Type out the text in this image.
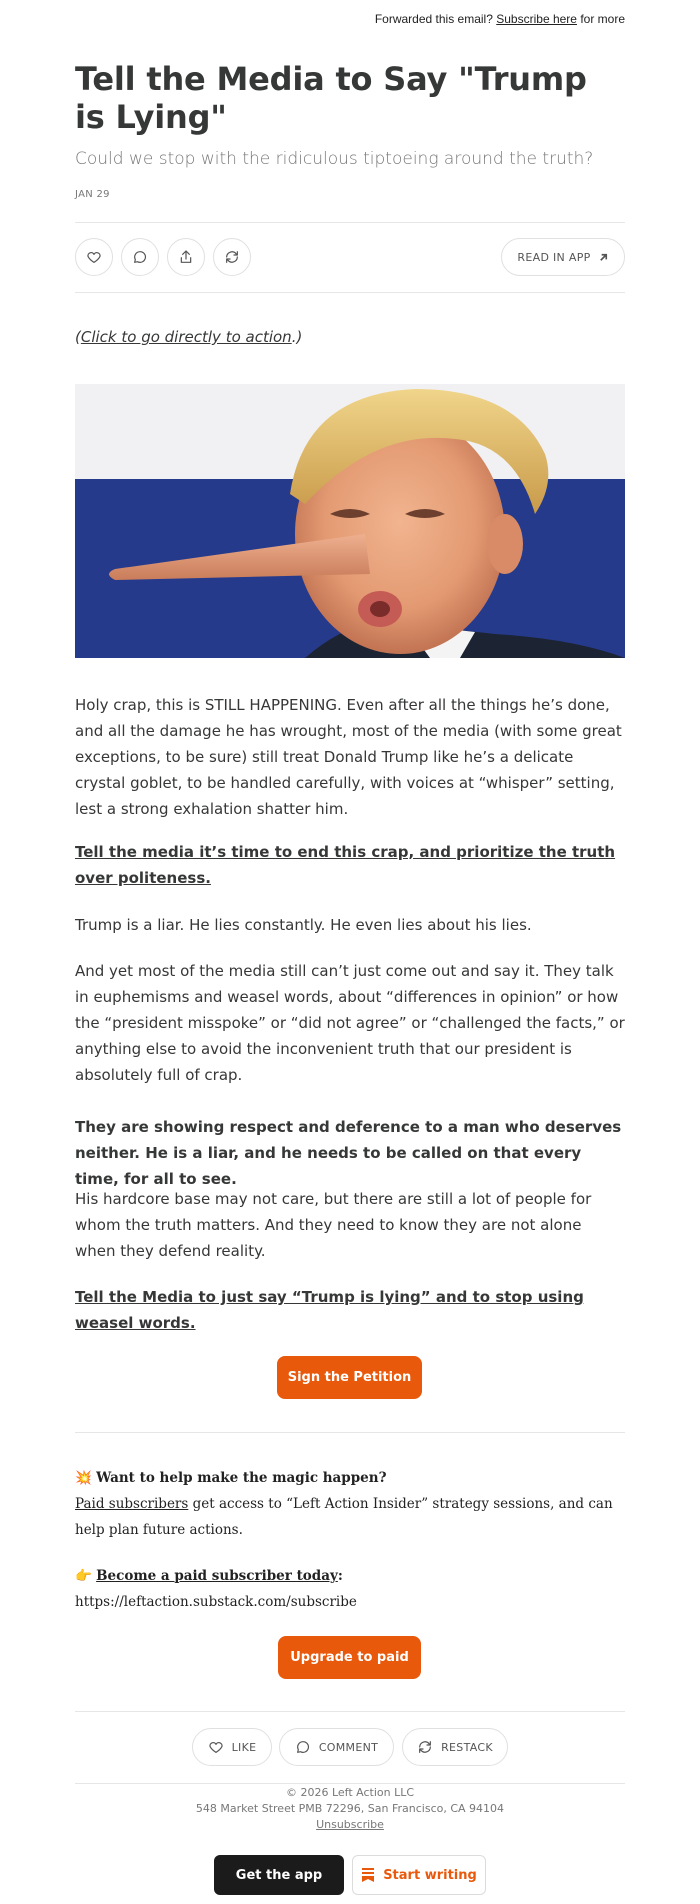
Forwarded this email? Subscribe here for more
Tell the Media to Say "Trump is Lying"
Could we stop with the ridiculous tiptoeing around the truth?
JAN 29
READ IN APP
(Click to go directly to action.)
Holy crap, this is STILL HAPPENING. Even after all the things he’s done, and all the damage he has wrought, most of the media (with some great exceptions, to be sure) still treat Donald Trump like he’s a delicate crystal goblet, to be handled carefully, with voices at “whisper” setting, lest a strong exhalation shatter him.
Tell the media it’s time to end this crap, and prioritize the truth over politeness.
Trump is a liar. He lies constantly. He even lies about his lies.
And yet most of the media still can’t just come out and say it. They talk in euphemisms and weasel words, about “differences in opinion” or how the “president misspoke” or “did not agree” or “challenged the facts,” or anything else to avoid the inconvenient truth that our president is absolutely full of crap.
They are showing respect and deference to a man who deserves neither. He is a liar, and he needs to be called on that every time, for all to see.
His hardcore base may not care, but there are still a lot of people for whom the truth matters. And they need to know they are not alone when they defend reality.
Tell the Media to just say “Trump is lying” and to stop using weasel words.
Sign the Petition
💥 Want to help make the magic happen?
Paid subscribers get access to “Left Action Insider” strategy sessions, and can help plan future actions.
👉 Become a paid subscriber today:
https://leftaction.substack.com/subscribe
Upgrade to paid
LIKE	COMMENT	RESTACK
© 2026 Left Action LLC
548 Market Street PMB 72296, San Francisco, CA 94104
Unsubscribe
Get the app	Start writing
